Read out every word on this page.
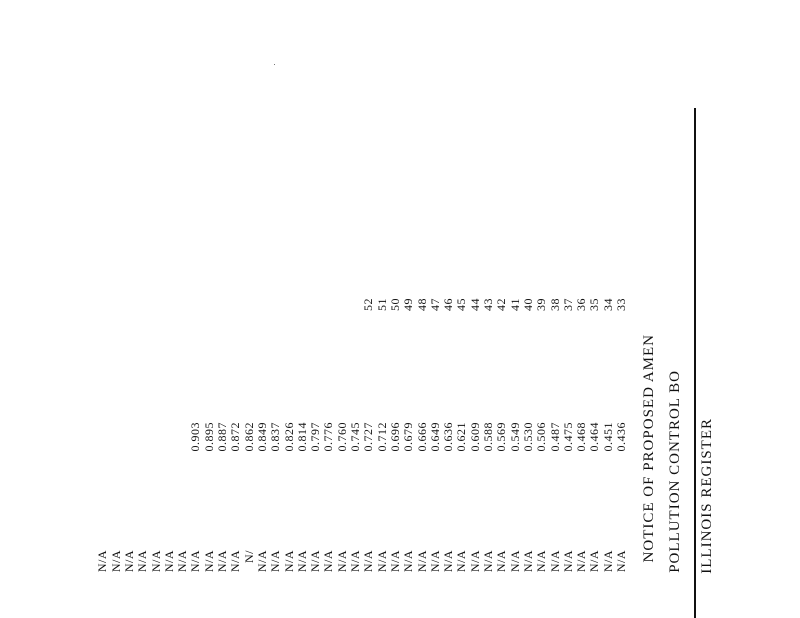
ILLINOIS REGISTER
POLLUTION CONTROL BO
NOTICE OF PROPOSED AMEN
33
34
35
36
37
38
39
40
41
42
43
44
45
46
47
48
49
50
51
52
0.436
0.451
0.464
0.468
0.475
0.487
0.506
0.530
0.549
0.569
0.588
0.609
0.621
0.636
0.649
0.666
0.679
0.696
0.712
0.727
0.745
0.760
0.776
0.797
0.814
0.826
0.837
0.849
0.862
0.872
0.887
0.895
0.903
N/A
N/A
N/A
N/A
N/A
N/A
N/A
N/A
N/A
N/A
N/A
N/A
N/A
N/A
N/A
N/A
N/A
N/A
N/A
N/A
N/A
N/A
N/A
N/A
N/A
N/A
N/A
N/A
N/
N/A
N/A
N/A
N/A
N/A
N/A
N/A
N/A
N/A
N/A
N/A
